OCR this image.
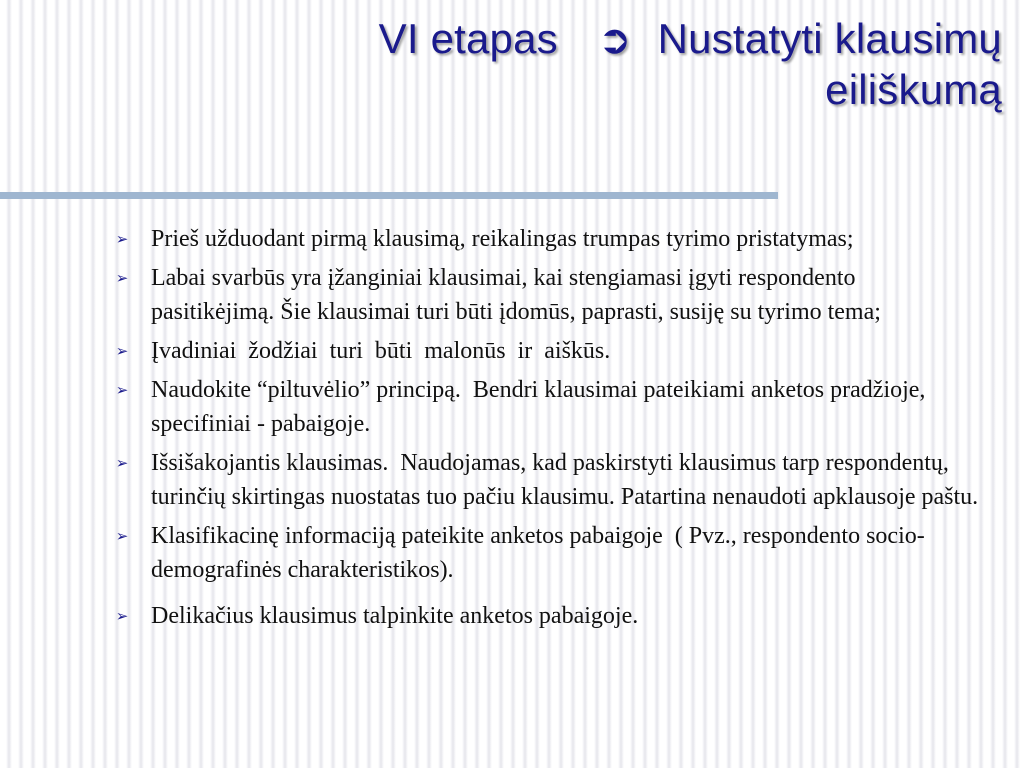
VI etapas ➲ Nustatyti klausimų
eiliškumą
➢ Prieš užduodant pirmą klausimą, reikalingas trumpas tyrimo pristatymas;
➢ Labai svarbūs yra įžanginiai klausimai, kai stengiamasi įgyti respondento pasitikėjimą. Šie klausimai turi būti įdomūs, paprasti, susiję su tyrimo tema;
➢ Įvadiniai  žodžiai  turi  būti  malonūs  ir  aiškūs.
➢ Naudokite “piltuvėlio” principą.  Bendri klausimai pateikiami anketos pradžioje, specifiniai - pabaigoje.
➢ Išsišakojantis klausimas.  Naudojamas, kad paskirstyti klausimus tarp respondentų, turinčių skirtingas nuostatas tuo pačiu klausimu. Patartina nenaudoti apklausoje paštu.
➢ Klasifikacinę informaciją pateikite anketos pabaigoje  ( Pvz., respondento socio-demografinės charakteristikos).
➢ Delikačius klausimus talpinkite anketos pabaigoje.
